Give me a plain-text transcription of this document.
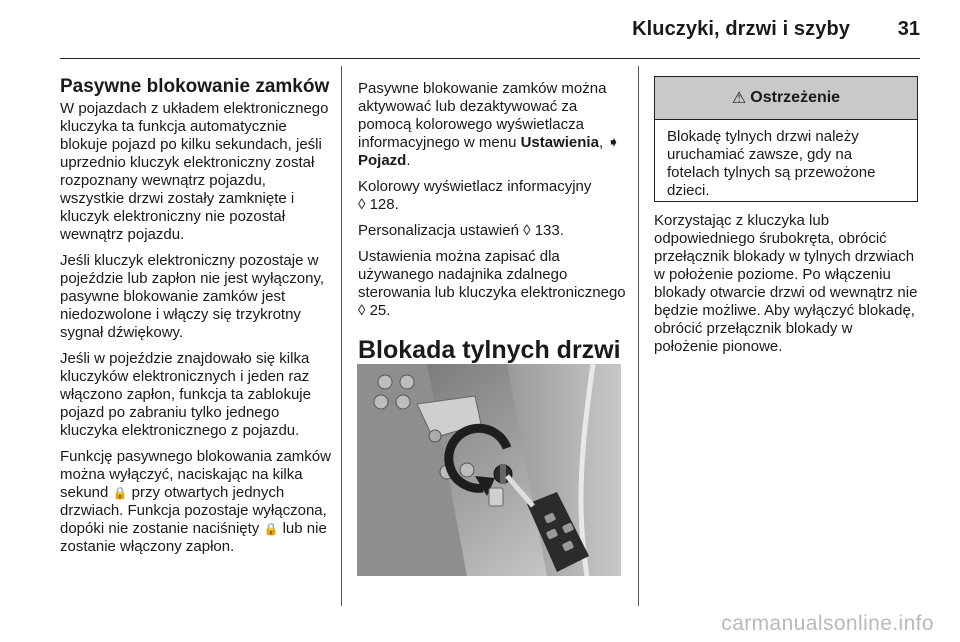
Kluczyki, drzwi i szyby 31
Pasywne blokowanie zamków

W pojazdach z układem elektronicznego kluczyka ta funkcja automatycznie blokuje pojazd po kilku sekundach, jeśli uprzednio kluczyk elektroniczny został rozpoznany wewnątrz pojazdu, wszystkie drzwi zostały zamknięte i kluczyk elektroniczny nie pozostał wewnątrz pojazdu.

Jeśli kluczyk elektroniczny pozostaje w pojeździe lub zapłon nie jest wyłączony, pasywne blokowanie zamków jest niedozwolone i włączy się trzykrotny sygnał dźwiękowy.

Jeśli w pojeździe znajdowało się kilka kluczyków elektronicznych i jeden raz włączono zapłon, funkcja ta zablokuje pojazd po zabraniu tylko jednego kluczyka elektronicznego z pojazdu.

Funkcję pasywnego blokowania zamków można wyłączyć, naciskając na kilka sekund 🔒 przy otwartych jednych drzwiach. Funkcja pozostaje wyłączona, dopóki nie zostanie naciśnięty 🔒 lub nie zostanie włączony zapłon.

Pasywne blokowanie zamków można aktywować lub dezaktywować za pomocą kolorowego wyświetlacza informacyjnego w menu Ustawienia, ➧ Pojazd.

Kolorowy wyświetlacz informacyjny
◊ 128.

Personalizacja ustawień ◊ 133.

Ustawienia można zapisać dla używanego nadajnika zdalnego sterowania lub kluczyka elektronicznego ◊ 25.

Blokada tylnych drzwi
⚠ Ostrzeżenie
Blokadę tylnych drzwi należy uruchamiać zawsze, gdy na fotelach tylnych są przewożone dzieci.

Korzystając z kluczyka lub odpowiedniego śrubokręta, obrócić przełącznik blokady w tylnych drzwiach w położenie poziome. Po włączeniu blokady otwarcie drzwi od wewnątrz nie będzie możliwe. Aby wyłączyć blokadę, obrócić przełącznik blokady w położenie pionowe.

carmanualsonline.info
